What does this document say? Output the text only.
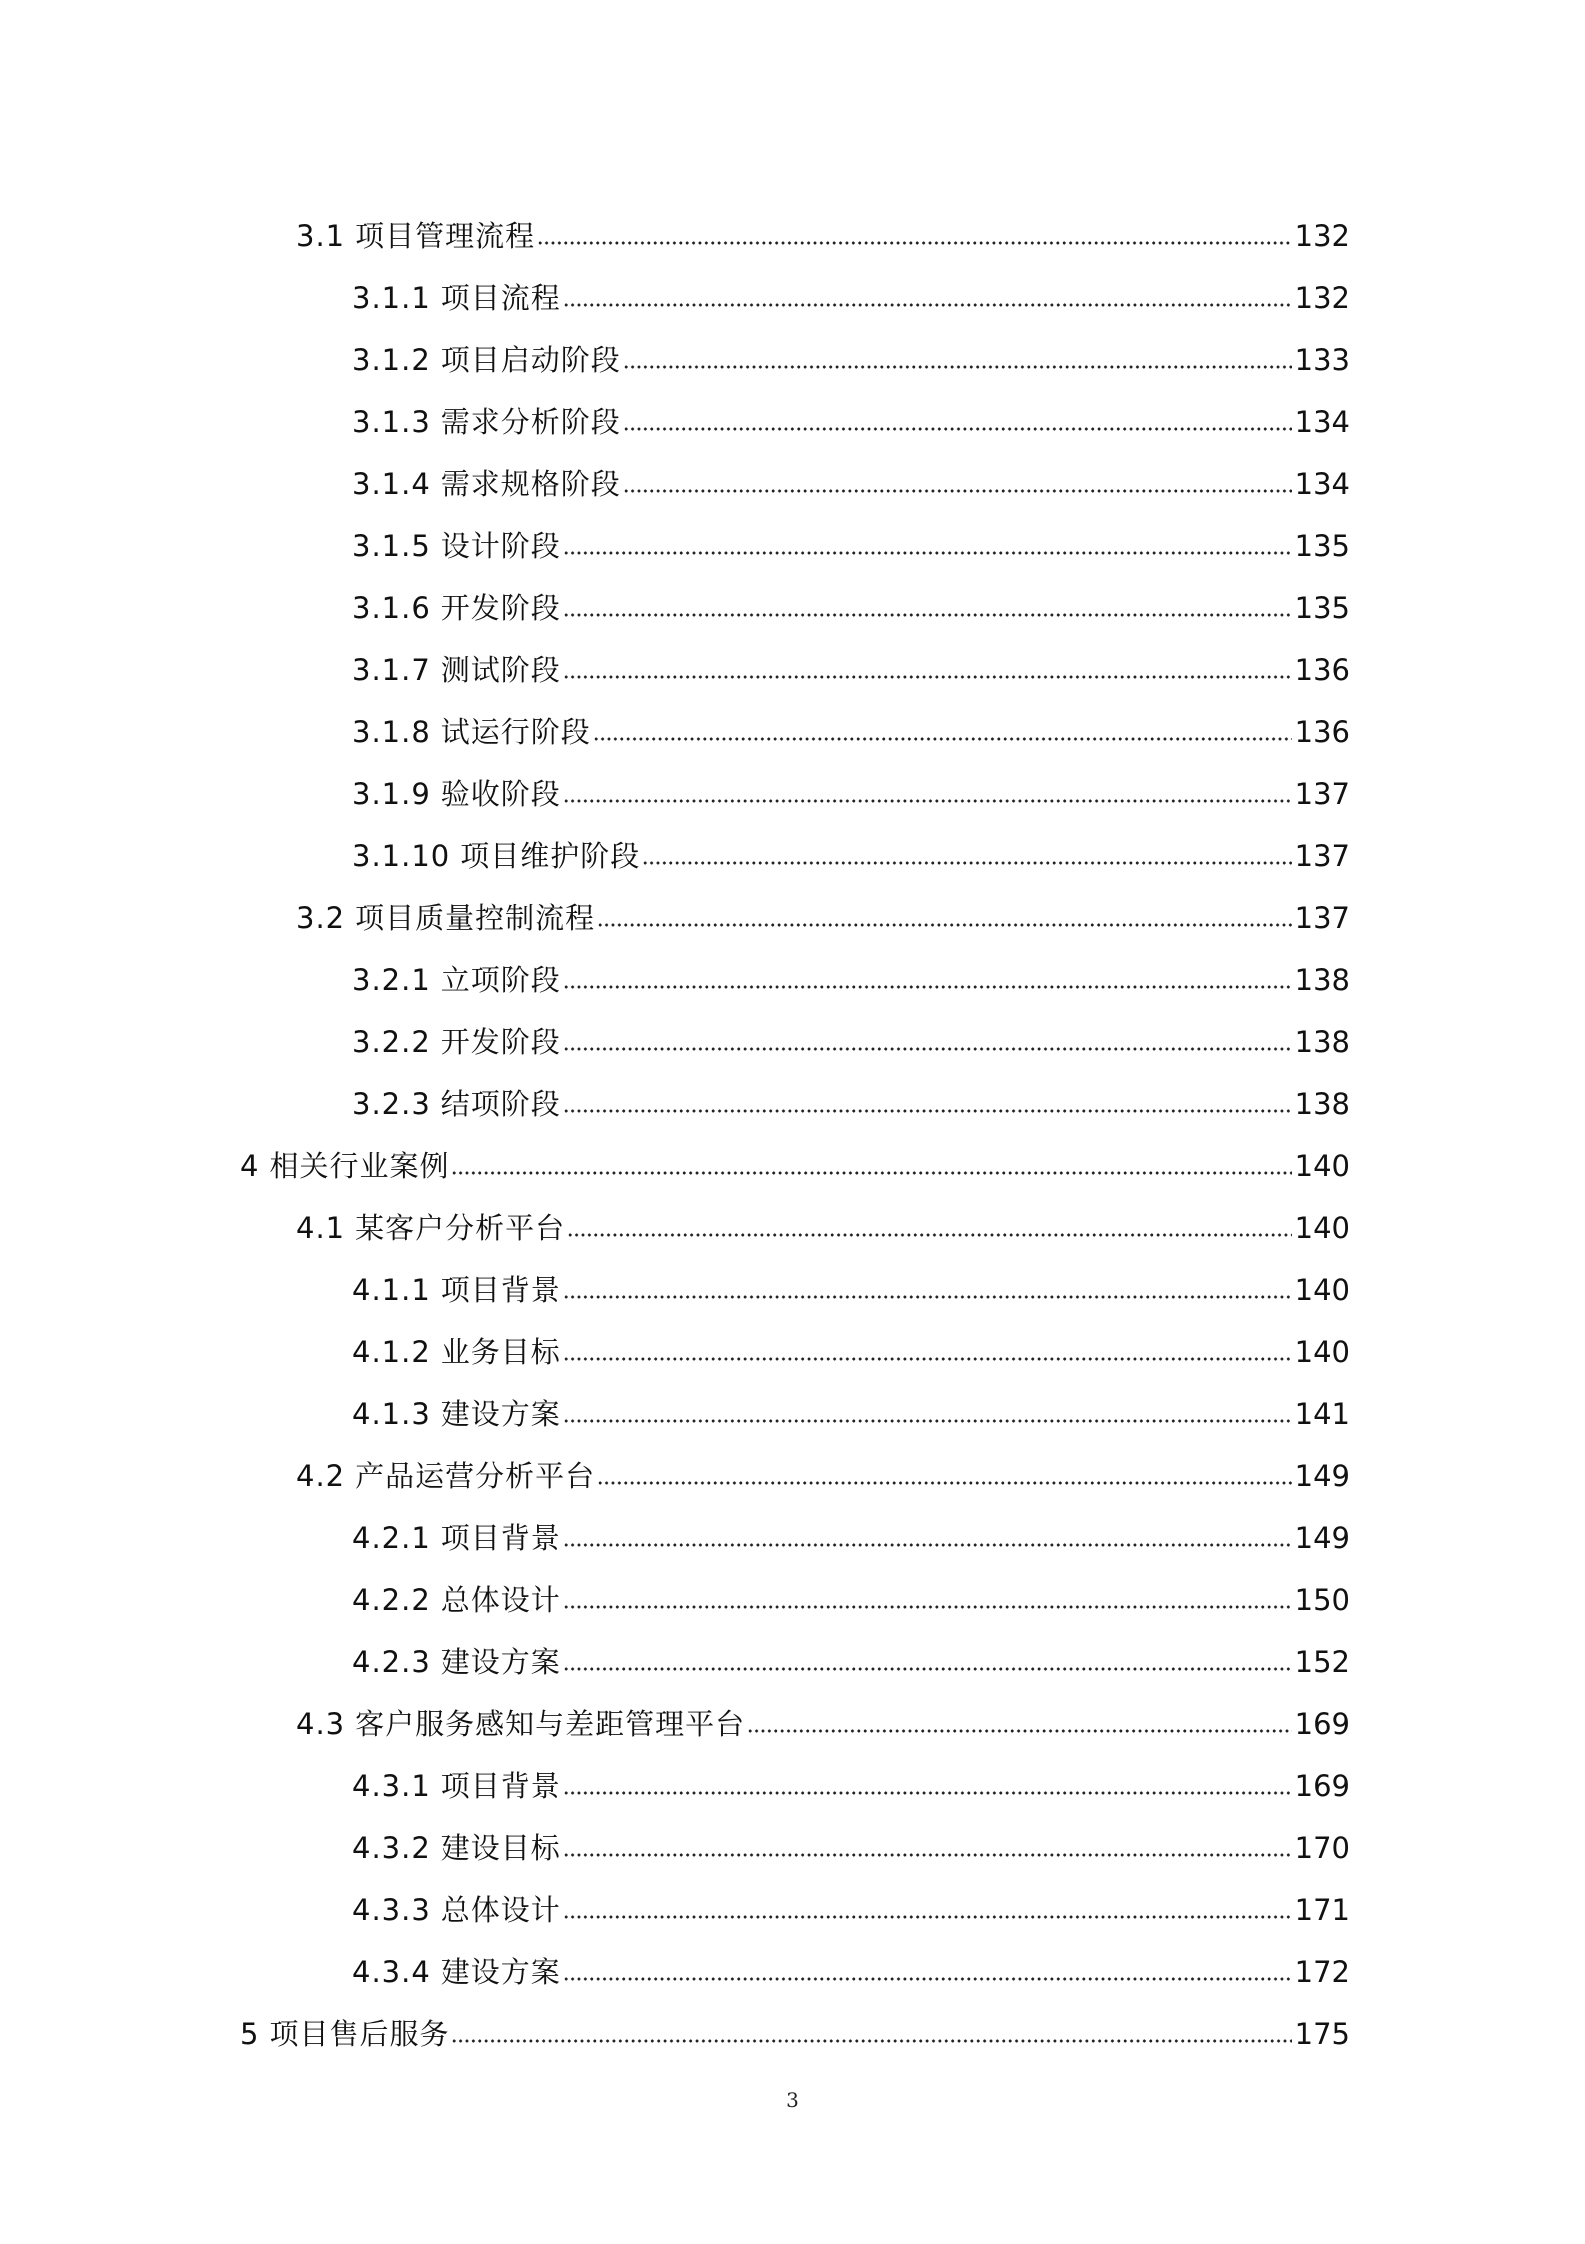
3.1 项目管理流程	132
3.1.1 项目流程	132
3.1.2 项目启动阶段	133
3.1.3 需求分析阶段	134
3.1.4 需求规格阶段	134
3.1.5 设计阶段	135
3.1.6 开发阶段	135
3.1.7 测试阶段	136
3.1.8 试运行阶段	136
3.1.9 验收阶段	137
3.1.10 项目维护阶段	137
3.2 项目质量控制流程	137
3.2.1 立项阶段	138
3.2.2 开发阶段	138
3.2.3 结项阶段	138
4 相关行业案例	140
4.1 某客户分析平台	140
4.1.1 项目背景	140
4.1.2 业务目标	140
4.1.3 建设方案	141
4.2 产品运营分析平台	149
4.2.1 项目背景	149
4.2.2 总体设计	150
4.2.3 建设方案	152
4.3 客户服务感知与差距管理平台	169
4.3.1 项目背景	169
4.3.2 建设目标	170
4.3.3 总体设计	171
4.3.4 建设方案	172
5 项目售后服务	175
3
